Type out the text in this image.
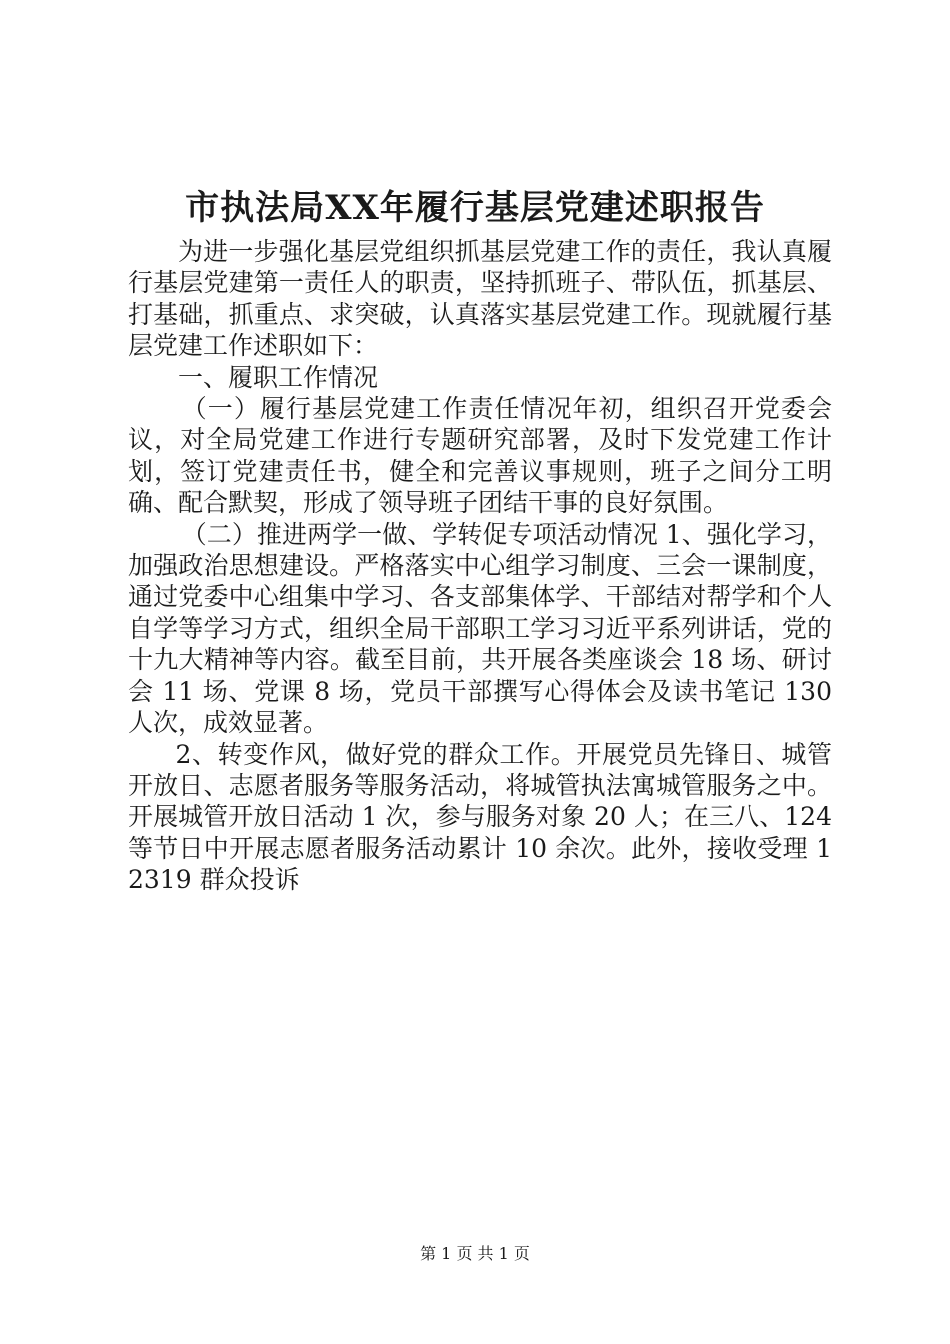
市执法局XX年履行基层党建述职报告

为进一步强化基层党组织抓基层党建工作的责任，我认真履行基层党建第一责任人的职责，坚持抓班子、带队伍，抓基层、打基础，抓重点、求突破，认真落实基层党建工作。现就履行基层党建工作述职如下：

一、履职工作情况

（一）履行基层党建工作责任情况年初，组织召开党委会议，对全局党建工作进行专题研究部署，及时下发党建工作计划，签订党建责任书，健全和完善议事规则，班子之间分工明确、配合默契，形成了领导班子团结干事的良好氛围。

（二）推进两学一做、学转促专项活动情况 1、强化学习，加强政治思想建设。严格落实中心组学习制度、三会一课制度，通过党委中心组集中学习、各支部集体学、干部结对帮学和个人自学等学习方式，组织全局干部职工学习习近平系列讲话，党的十九大精神等内容。截至目前，共开展各类座谈会 18 场、研讨会 11 场、党课 8 场，党员干部撰写心得体会及读书笔记 130 人次，成效显著。

2、转变作风，做好党的群众工作。开展党员先锋日、城管开放日、志愿者服务等服务活动，将城管执法寓城管服务之中。开展城管开放日活动 1 次，参与服务对象 20 人；在三八、124 等节日中开展志愿者服务活动累计 10 余次。此外，接收受理 12319 群众投诉

第 1 页 共 1 页
